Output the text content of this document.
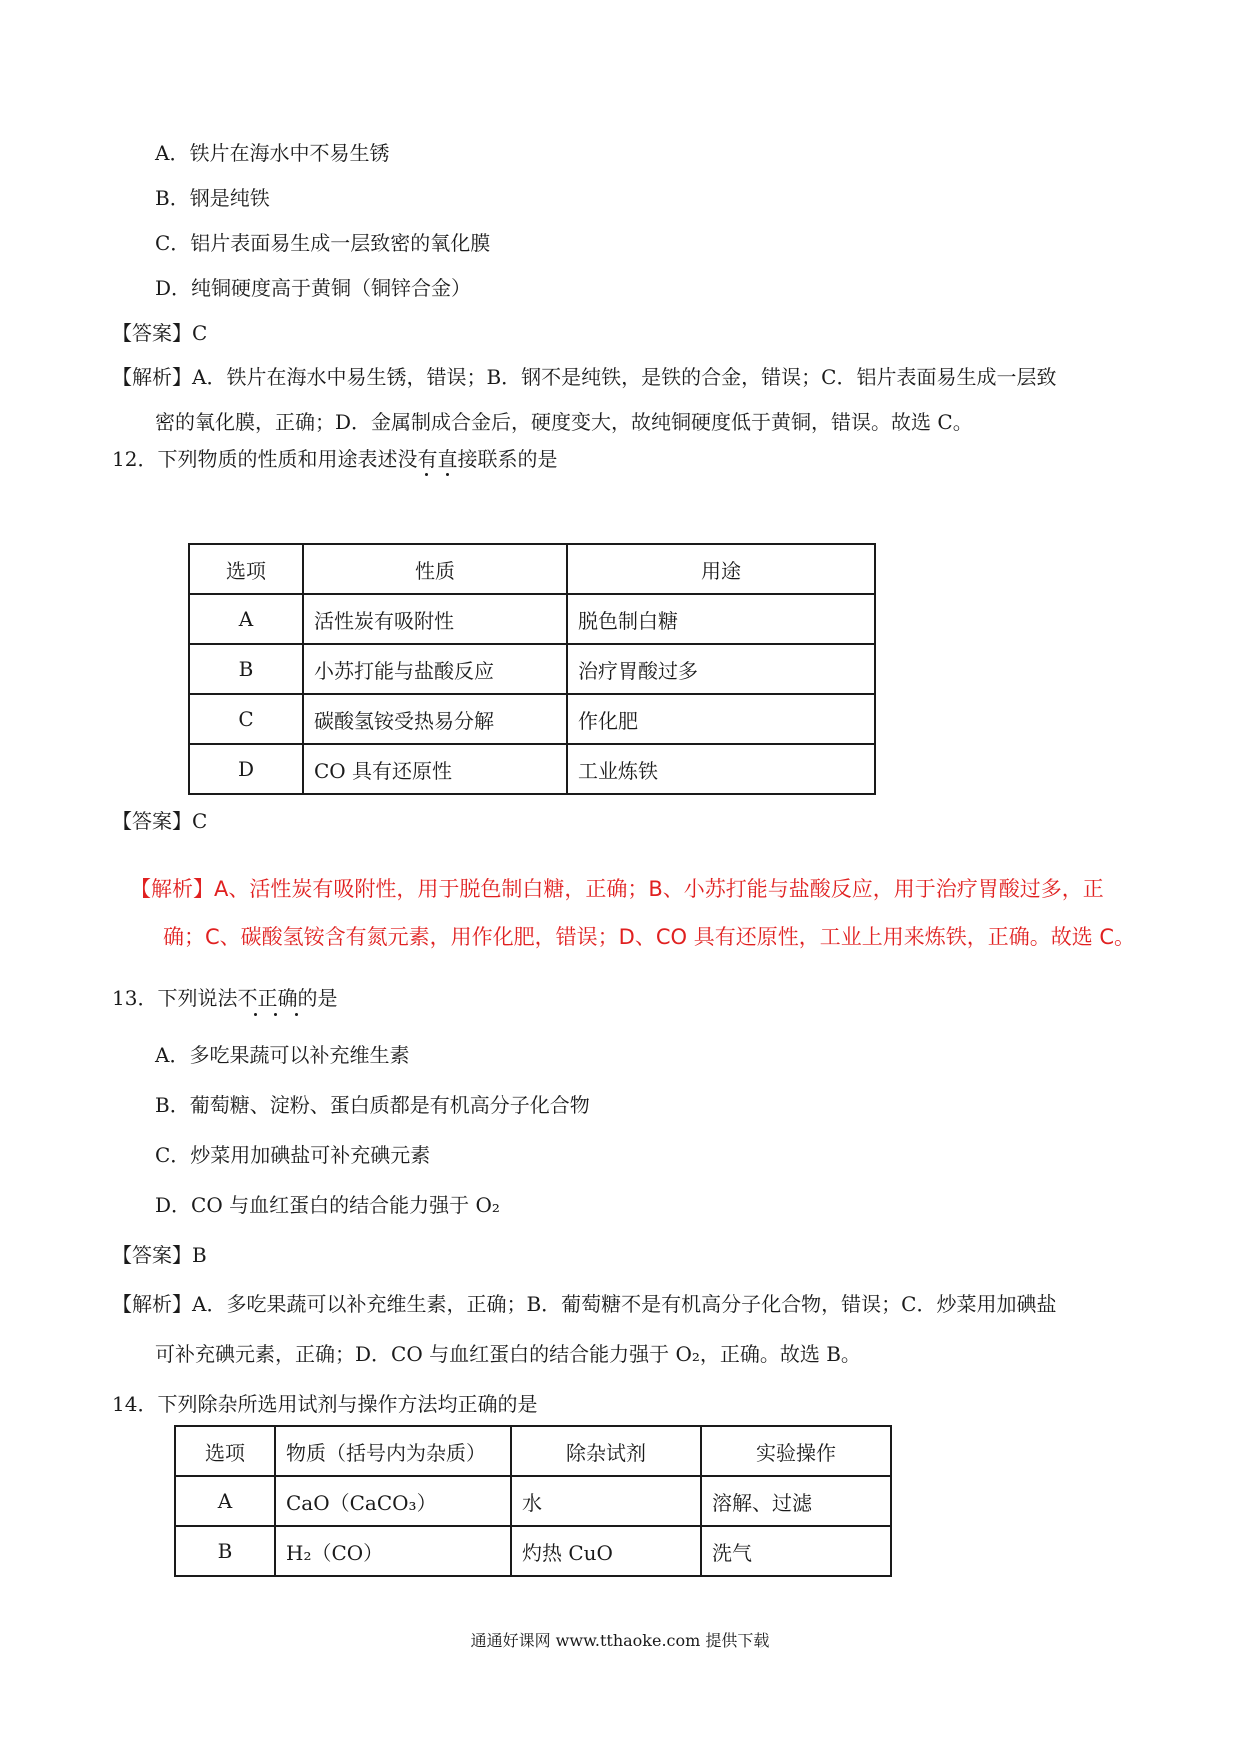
A．铁片在海水中不易生锈
B．钢是纯铁
C．铝片表面易生成一层致密的氧化膜
D．纯铜硬度高于黄铜（铜锌合金）
【答案】C
【解析】A．铁片在海水中易生锈，错误；B．钢不是纯铁，是铁的合金，错误；C．铝片表面易生成一层致
密的氧化膜，正确；D．金属制成合金后，硬度变大，故纯铜硬度低于黄铜，错误。故选 C。
12．下列物质的性质和用途表述没有直接联系的是
选项	性质	用途
A	活性炭有吸附性	脱色制白糖
B	小苏打能与盐酸反应	治疗胃酸过多
C	碳酸氢铵受热易分解	作化肥
D	CO 具有还原性	工业炼铁
【答案】C
【解析】A、活性炭有吸附性，用于脱色制白糖，正确；B、小苏打能与盐酸反应，用于治疗胃酸过多，正
确；C、碳酸氢铵含有氮元素，用作化肥，错误；D、CO 具有还原性，工业上用来炼铁，正确。故选 C。
13．下列说法不正确的是
A．多吃果蔬可以补充维生素
B．葡萄糖、淀粉、蛋白质都是有机高分子化合物
C．炒菜用加碘盐可补充碘元素
D．CO 与血红蛋白的结合能力强于 O₂
【答案】B
【解析】A．多吃果蔬可以补充维生素，正确；B．葡萄糖不是有机高分子化合物，错误；C．炒菜用加碘盐
可补充碘元素，正确；D．CO 与血红蛋白的结合能力强于 O₂，正确。故选 B。
14．下列除杂所选用试剂与操作方法均正确的是
选项	物质（括号内为杂质）	除杂试剂	实验操作
A	CaO（CaCO₃）	水	溶解、过滤
B	H₂（CO）	灼热 CuO	洗气
通通好课网 www.tthaoke.com 提供下载
